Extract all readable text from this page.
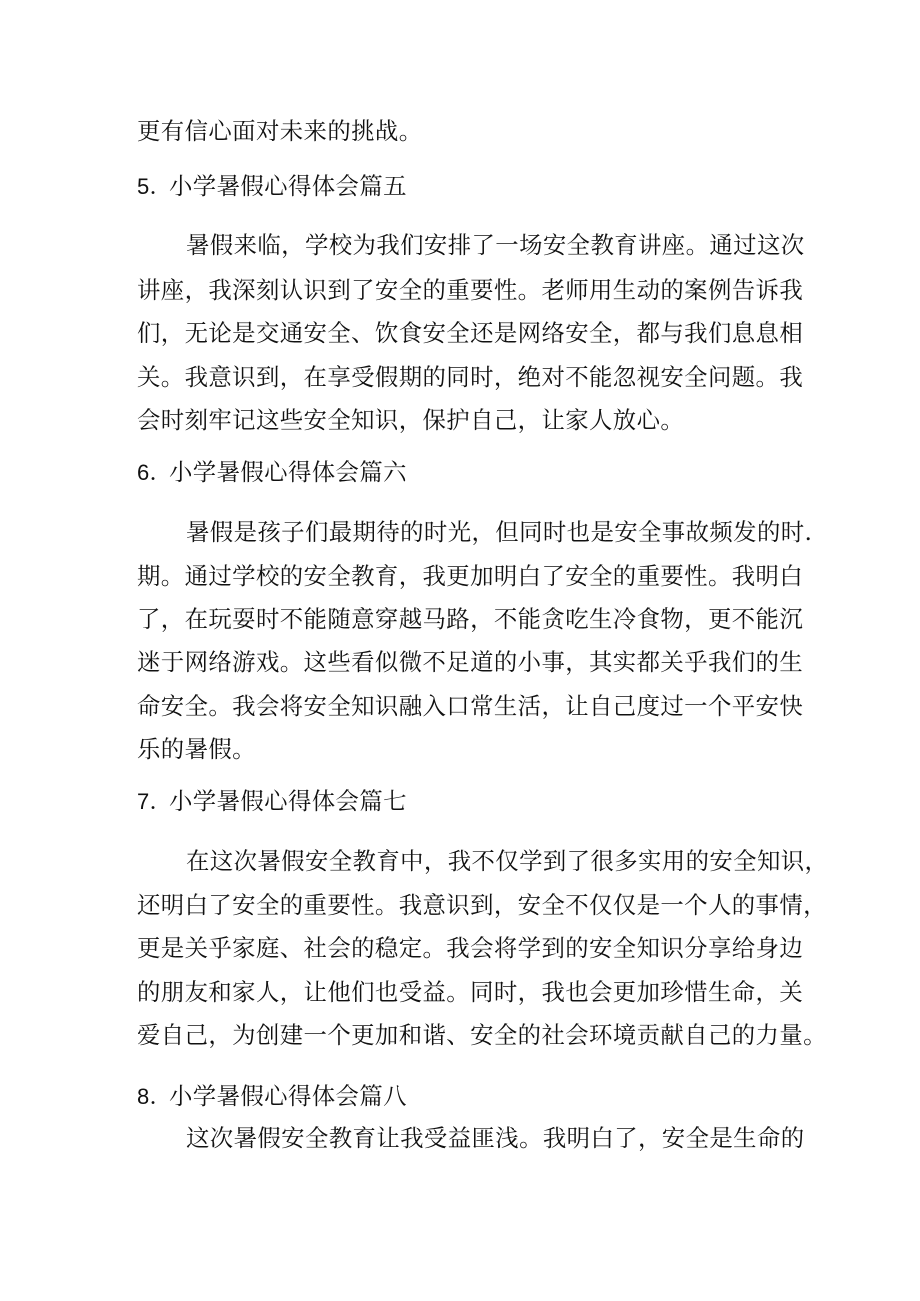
更有信心面对未来的挑战。

5．
小学暑假心得体会篇五

暑假来临，学校为我们安排了一场安全教育讲座。通过这次

讲座，我深刻认识到了安全的重要性。老师用生动的案例告诉我

们，无论是交通安全、饮食安全还是网络安全，都与我们息息相

关。我意识到，在享受假期的同时，绝对不能忽视安全问题。我

会时刻牢记这些安全知识，保护自己，让家人放心。

6．
小学暑假心得体会篇六

暑假是孩子们最期待的时光，但同时也是安全事故频发的时.

期。通过学校的安全教育，我更加明白了安全的重要性。我明白

了，在玩耍时不能随意穿越马路，不能贪吃生冷食物，更不能沉

迷于网络游戏。这些看似微不足道的小事，其实都关乎我们的生

命安全。我会将安全知识融入口常生活，让自己度过一个平安快

乐的暑假。

7．
小学暑假心得体会篇七

在这次暑假安全教育中，我不仅学到了很多实用的安全知识，

还明白了安全的重要性。我意识到，安全不仅仅是一个人的事情，

更是关乎家庭、社会的稳定。我会将学到的安全知识分享给身边

的朋友和家人，让他们也受益。同时，我也会更加珍惜生命，关

爱自己，为创建一个更加和谐、安全的社会环境贡献自己的力量。

8．
小学暑假心得体会篇八

这次暑假安全教育让我受益匪浅。我明白了，安全是生命的
